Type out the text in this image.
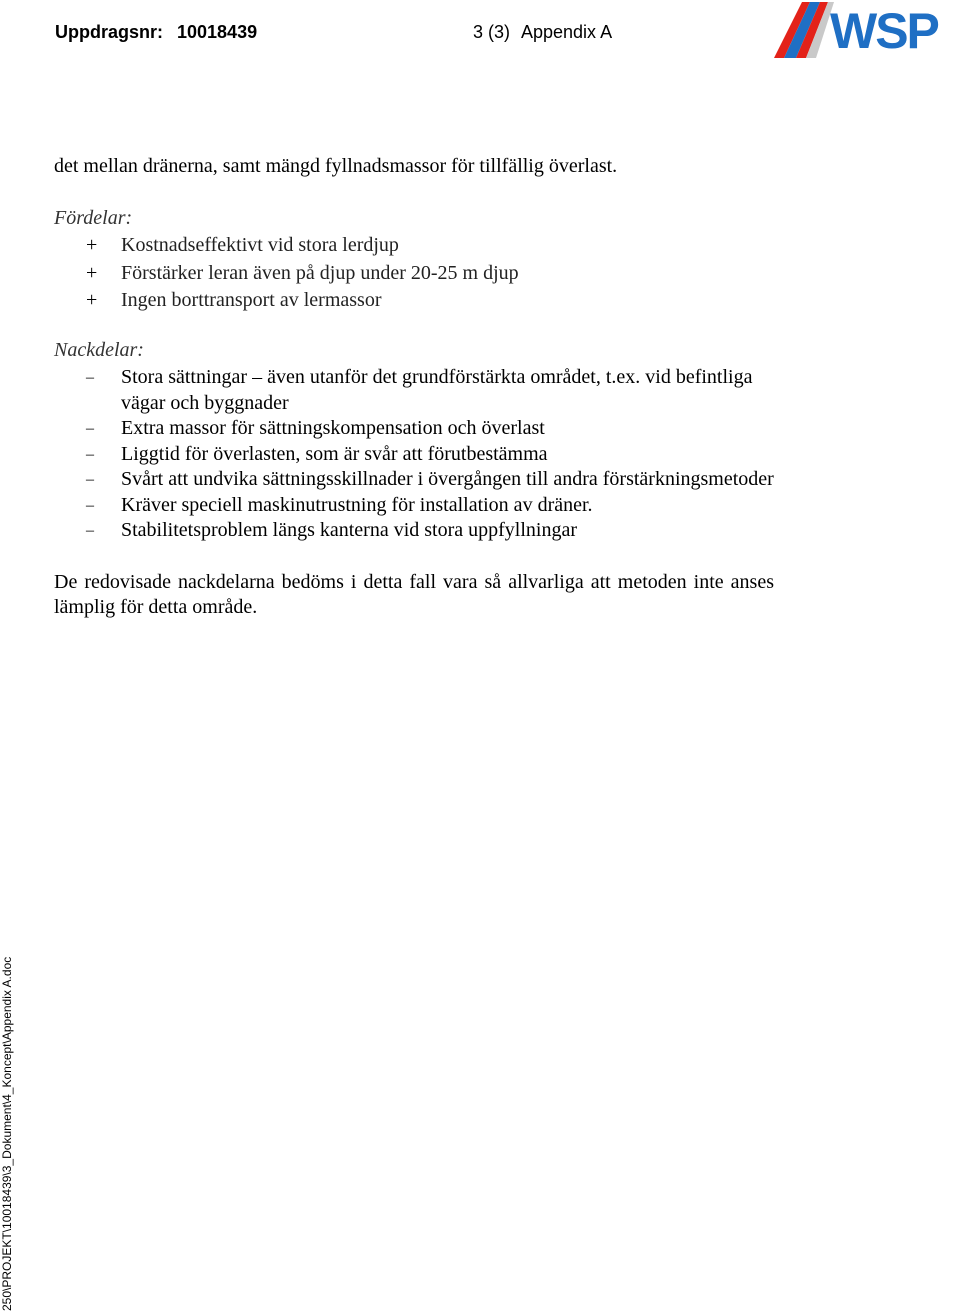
Uppdragsnr: 10018439	3 (3) Appendix A	WSP

det mellan dränerna, samt mängd fyllnadsmassor för tillfällig överlast.

Fördelar:

+	Kostnadseffektivt vid stora lerdjup
+	Förstärker leran även på djup under 20-25 m djup
+	Ingen borttransport av lermassor

Nackdelar:

–	Stora sättningar – även utanför det grundförstärkta området, t.ex. vid befintliga vägar och byggnader
–	Extra massor för sättningskompensation och överlast
–	Liggtid för överlasten, som är svår att förutbestämma
–	Svårt att undvika sättningsskillnader i övergången till andra förstärkningsmetoder
–	Kräver speciell maskinutrustning för installation av dräner.
–	Stabilitetsproblem längs kanterna vid stora uppfyllningar

De redovisade nackdelarna bedöms i detta fall vara så allvarliga att metoden inte anses lämplig för detta område.

250\PROJEKT\10018439\3_Dokument\4_Koncept\Appendix A.doc
